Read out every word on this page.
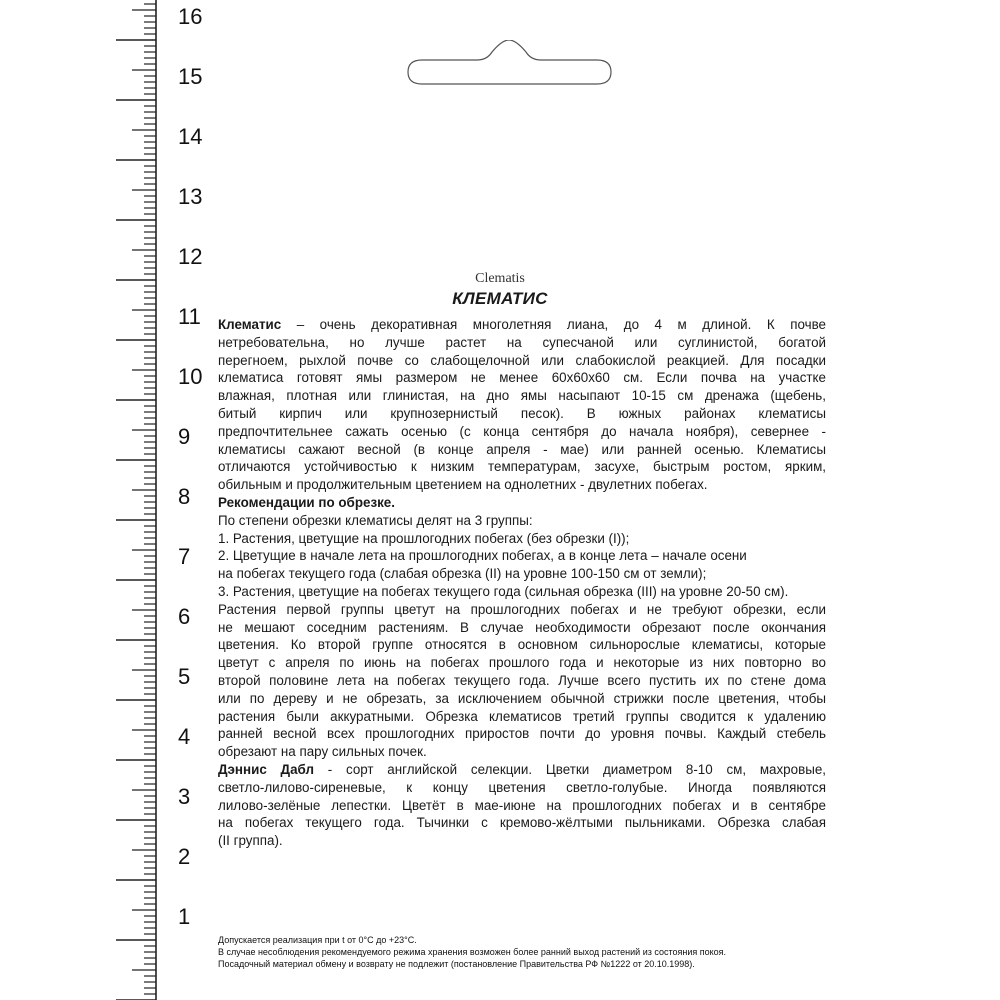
16
15
14
13
12
11
10
9
8
7
6
5
4
3
2
1
Clematis
КЛЕМАТИС
Клематис – очень декоративная многолетняя лиана, до 4 м длиной. К почве
нетребовательна, но лучше растет на супесчаной или суглинистой, богатой
перегноем, рыхлой почве со слабощелочной или слабокислой реакцией. Для посадки
клематиса готовят ямы размером не менее 60х60х60 см. Если почва на участке
влажная, плотная или глинистая, на дно ямы насыпают 10-15 см дренажа (щебень,
битый кирпич или крупнозернистый песок). В южных районах клематисы
предпочтительнее сажать осенью (с конца сентября до начала ноября), севернее -
клематисы сажают весной (в конце апреля - мае) или ранней осенью. Клематисы
отличаются устойчивостью к низким температурам, засухе, быстрым ростом, ярким,
обильным и продолжительным цветением на однолетних - двулетних побегах.
Рекомендации по обрезке.
По степени обрезки клематисы делят на 3 группы:
1. Растения, цветущие на прошлогодних побегах (без обрезки (I));
2. Цветущие в начале лета на прошлогодних побегах, а в конце лета – начале осени
на побегах текущего года (слабая обрезка (II) на уровне 100-150 см от земли);
3. Растения, цветущие на побегах текущего года (сильная обрезка (III) на уровне 20-50 см).
Растения первой группы цветут на прошлогодних побегах и не требуют обрезки, если
не мешают соседним растениям. В случае необходимости обрезают после окончания
цветения. Ко второй группе относятся в основном сильнорослые клематисы, которые
цветут с апреля по июнь на побегах прошлого года и некоторые из них повторно во
второй половине лета на побегах текущего года. Лучше всего пустить их по стене дома
или по дереву и не обрезать, за исключением обычной стрижки после цветения, чтобы
растения были аккуратными. Обрезка клематисов третий группы сводится к удалению
ранней весной всех прошлогодних приростов почти до уровня почвы. Каждый стебель
обрезают на пару сильных почек.
Дэннис Дабл - сорт английской селекции. Цветки диаметром 8-10 см, махровые,
светло-лилово-сиреневые, к концу цветения светло-голубые. Иногда появляются
лилово-зелёные лепестки. Цветёт в мае-июне на прошлогодних побегах и в сентябре
на побегах текущего года. Тычинки с кремово-жёлтыми пыльниками. Обрезка слабая
(II группа).
Допускается реализация при t от 0°С до +23°С.
В случае несоблюдения рекомендуемого режима хранения возможен более ранний выход растений из состояния покоя.
Посадочный материал обмену и возврату не подлежит (постановление Правительства РФ №1222 от 20.10.1998).
